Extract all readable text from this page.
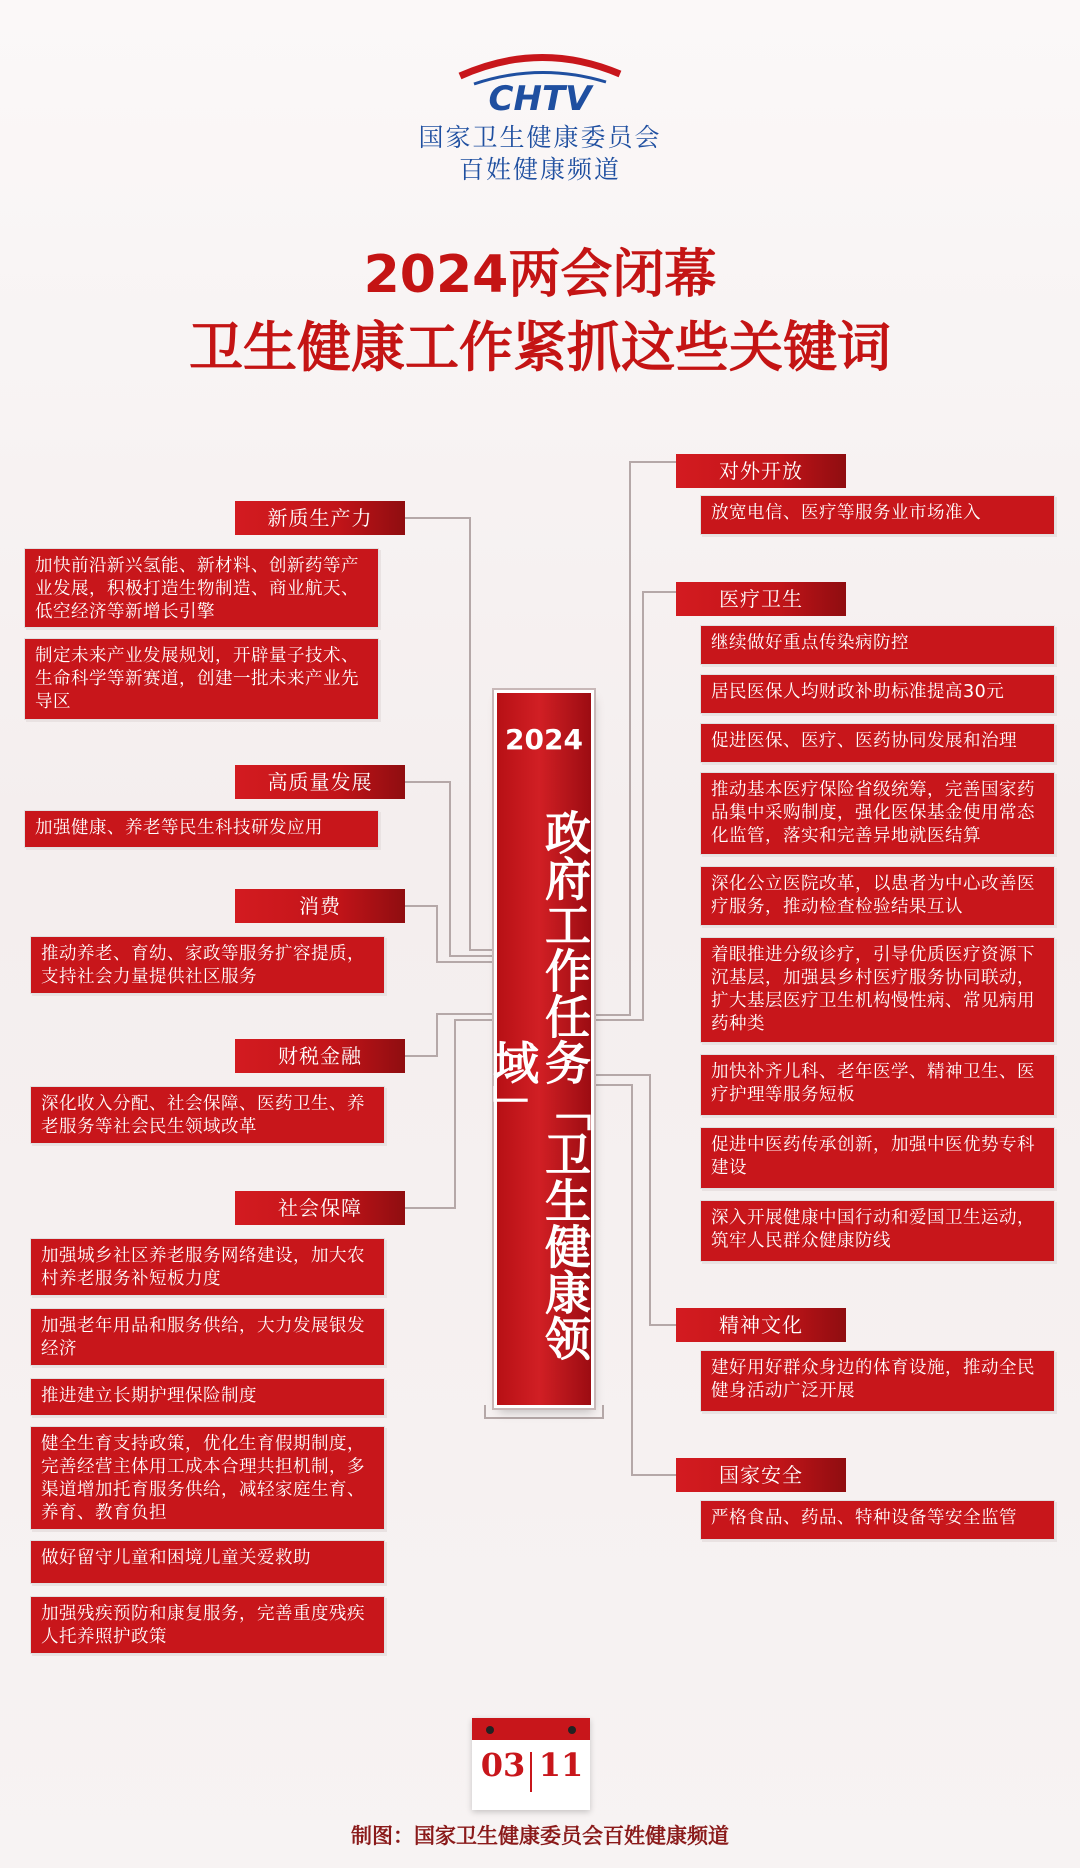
CHTV
国家卫生健康委员会
百姓健康频道
2024两会闭幕
卫生健康工作紧抓这些关键词
2024
政府工作任务「卫生健康领域」
新质生产力
加快前沿新兴氢能、新材料、创新药等产业发展，积极打造生物制造、商业航天、低空经济等新增长引擎
制定未来产业发展规划，开辟量子技术、生命科学等新赛道，创建一批未来产业先导区
高质量发展
加强健康、养老等民生科技研发应用
消费
推动养老、育幼、家政等服务扩容提质，支持社会力量提供社区服务
财税金融
深化收入分配、社会保障、医药卫生、养老服务等社会民生领域改革
社会保障
加强城乡社区养老服务网络建设，加大农村养老服务补短板力度
加强老年用品和服务供给，大力发展银发经济
推进建立长期护理保险制度
健全生育支持政策，优化生育假期制度，完善经营主体用工成本合理共担机制，多渠道增加托育服务供给，减轻家庭生育、养育、教育负担
做好留守儿童和困境儿童关爱救助
加强残疾预防和康复服务，完善重度残疾人托养照护政策
对外开放
放宽电信、医疗等服务业市场准入
医疗卫生
继续做好重点传染病防控
居民医保人均财政补助标准提高30元
促进医保、医疗、医药协同发展和治理
推动基本医疗保险省级统筹，完善国家药品集中采购制度，强化医保基金使用常态化监管，落实和完善异地就医结算
深化公立医院改革，以患者为中心改善医疗服务，推动检查检验结果互认
着眼推进分级诊疗，引导优质医疗资源下沉基层，加强县乡村医疗服务协同联动，扩大基层医疗卫生机构慢性病、常见病用药种类
加快补齐儿科、老年医学、精神卫生、医疗护理等服务短板
促进中医药传承创新，加强中医优势专科建设
深入开展健康中国行动和爱国卫生运动，筑牢人民群众健康防线
精神文化
建好用好群众身边的体育设施，推动全民健身活动广泛开展
国家安全
严格食品、药品、特种设备等安全监管
03 11
制图：国家卫生健康委员会百姓健康频道
